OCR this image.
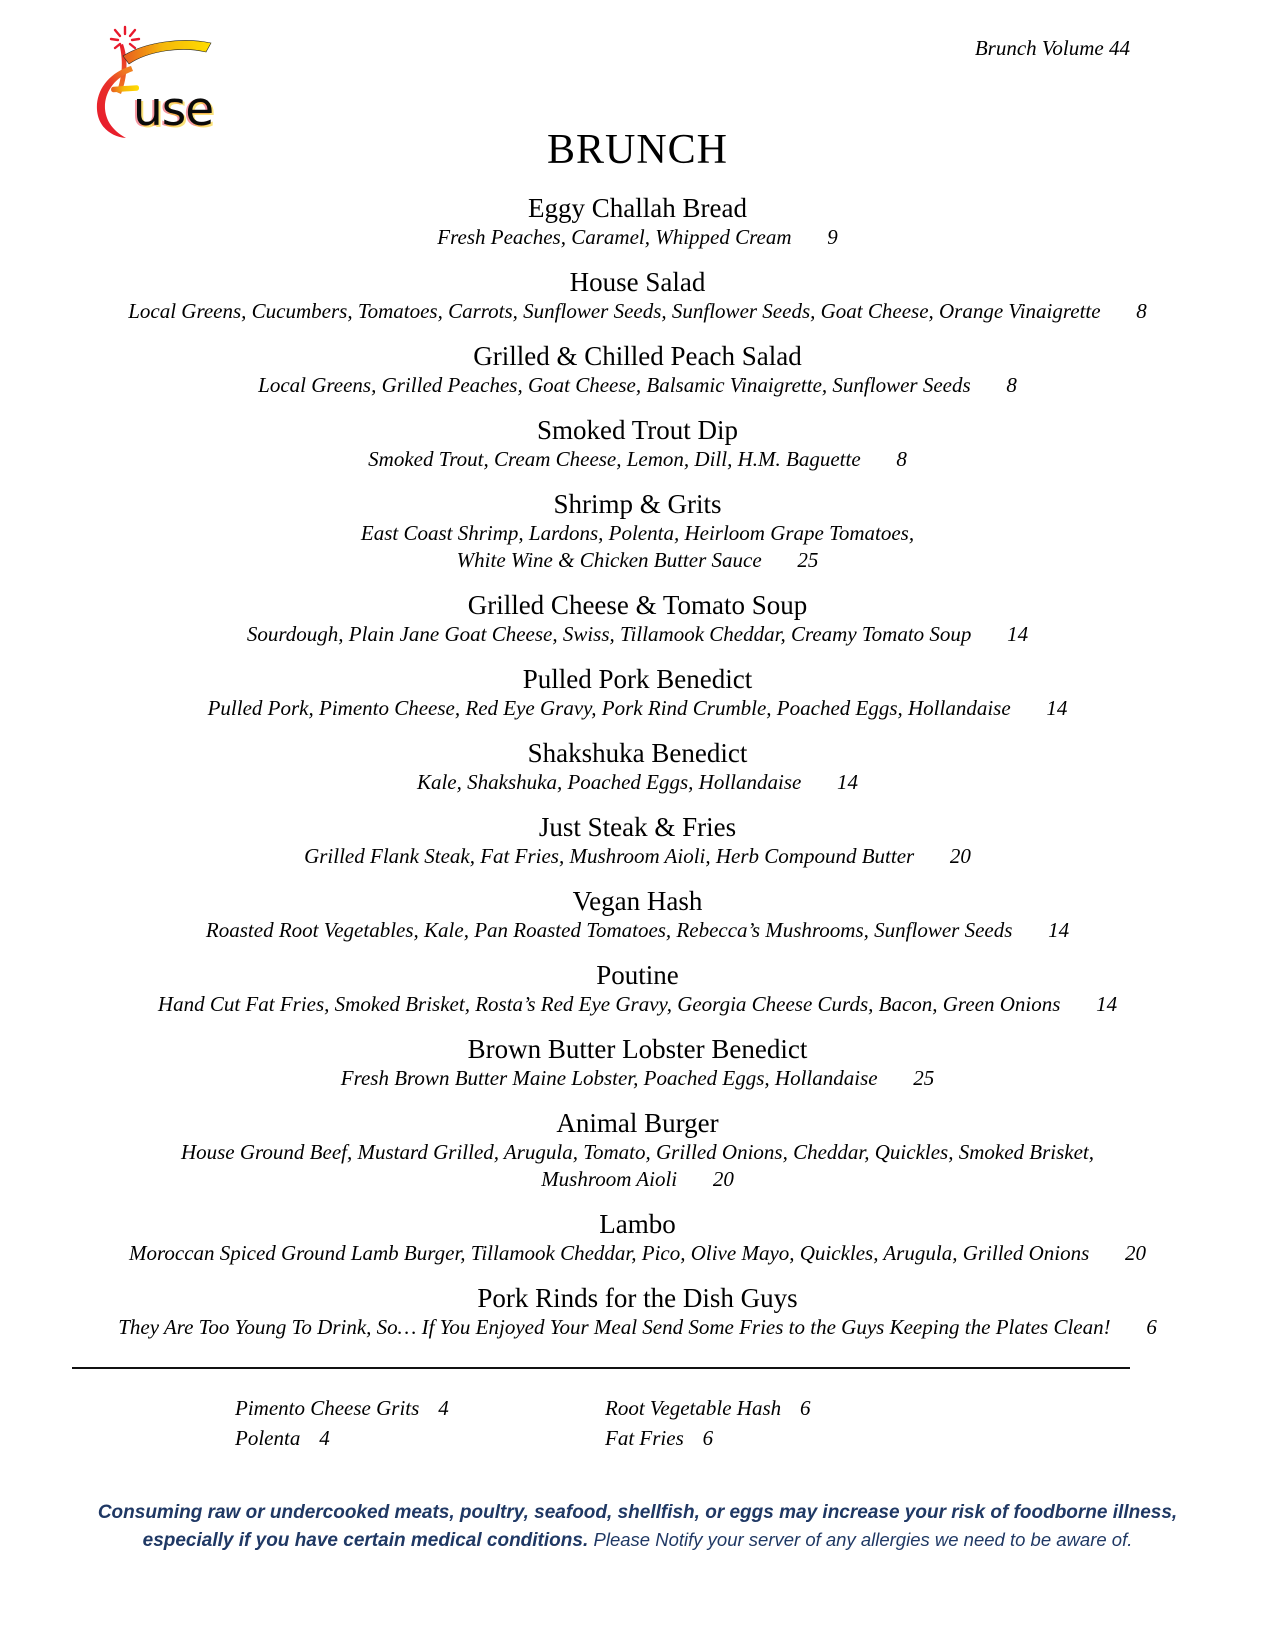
use
Brunch Volume 44
BRUNCH
Eggy Challah Bread

Fresh Peaches, Caramel, Whipped Cream 9

House Salad

Local Greens, Cucumbers, Tomatoes, Carrots, Sunflower Seeds, Sunflower Seeds, Goat Cheese, Orange Vinaigrette 8

Grilled & Chilled Peach Salad

Local Greens, Grilled Peaches, Goat Cheese, Balsamic Vinaigrette, Sunflower Seeds 8

Smoked Trout Dip

Smoked Trout, Cream Cheese, Lemon, Dill, H.M. Baguette 8

Shrimp & Grits

East Coast Shrimp, Lardons, Polenta, Heirloom Grape Tomatoes,

White Wine & Chicken Butter Sauce 25

Grilled Cheese & Tomato Soup

Sourdough, Plain Jane Goat Cheese, Swiss, Tillamook Cheddar, Creamy Tomato Soup 14

Pulled Pork Benedict

Pulled Pork, Pimento Cheese, Red Eye Gravy, Pork Rind Crumble, Poached Eggs, Hollandaise 14

Shakshuka Benedict

Kale, Shakshuka, Poached Eggs, Hollandaise 14

Just Steak & Fries

Grilled Flank Steak, Fat Fries, Mushroom Aioli, Herb Compound Butter 20

Vegan Hash

Roasted Root Vegetables, Kale, Pan Roasted Tomatoes, Rebecca’s Mushrooms, Sunflower Seeds 14

Poutine

Hand Cut Fat Fries, Smoked Brisket, Rosta’s Red Eye Gravy, Georgia Cheese Curds, Bacon, Green Onions 14

Brown Butter Lobster Benedict

Fresh Brown Butter Maine Lobster, Poached Eggs, Hollandaise 25

Animal Burger

House Ground Beef, Mustard Grilled, Arugula, Tomato, Grilled Onions, Cheddar, Quickles, Smoked Brisket,

Mushroom Aioli 20

Lambo

Moroccan Spiced Ground Lamb Burger, Tillamook Cheddar, Pico, Olive Mayo, Quickles, Arugula, Grilled Onions 20

Pork Rinds for the Dish Guys

They Are Too Young To Drink, So… If You Enjoyed Your Meal Send Some Fries to the Guys Keeping the Plates Clean! 6

Pimento Cheese Grits 4

Polenta 4

Root Vegetable Hash 6

Fat Fries 6

Consuming raw or undercooked meats, poultry, seafood, shellfish, or eggs may increase your risk of foodborne illness,
especially if you have certain medical conditions. Please Notify your server of any allergies we need to be aware of.
